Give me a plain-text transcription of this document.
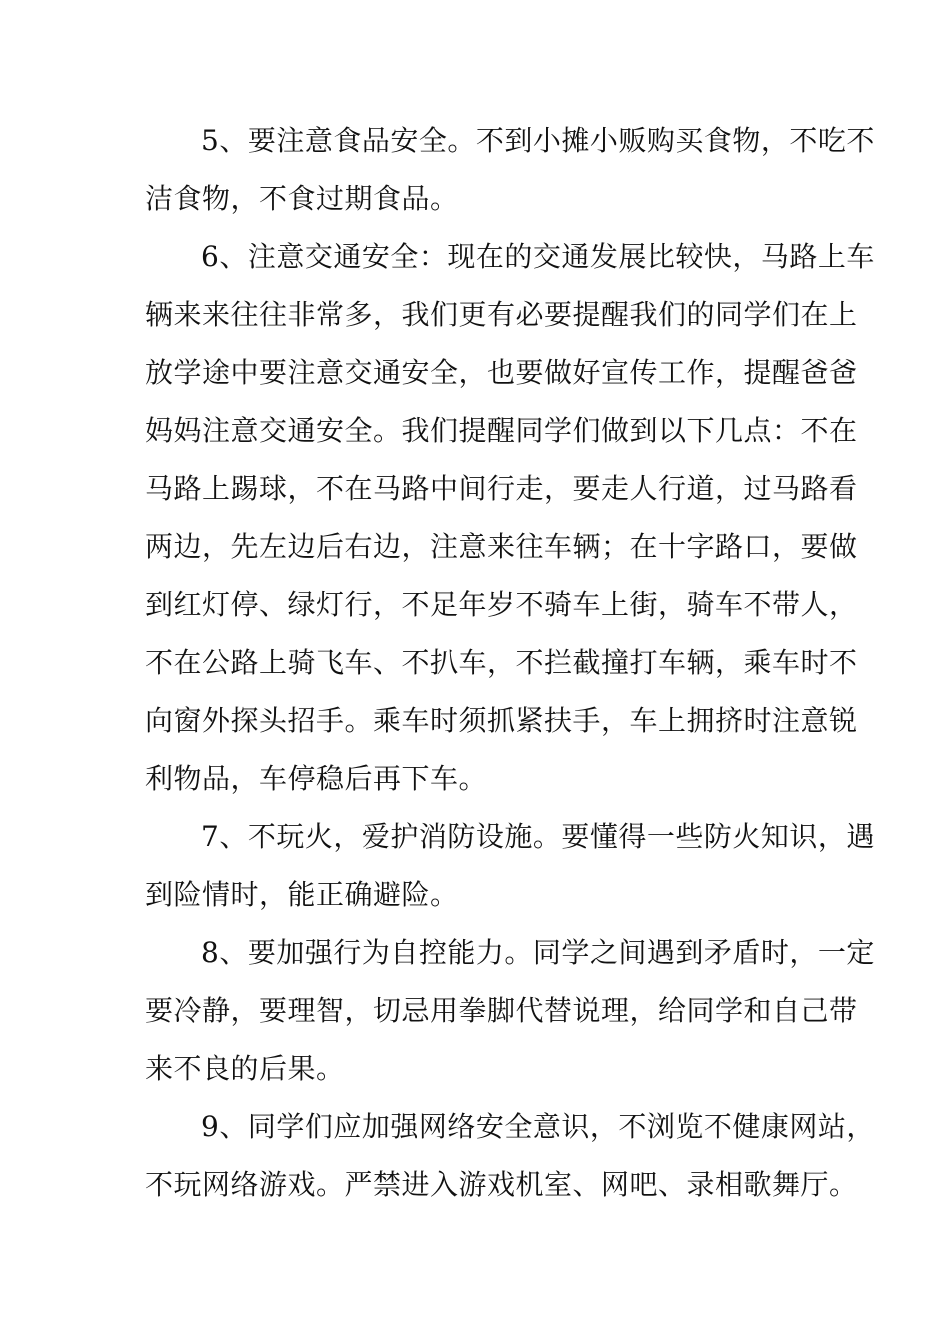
5、要注意食品安全。不到小摊小贩购买食物，不吃不
洁食物，不食过期食品。
6、注意交通安全：现在的交通发展比较快，马路上车
辆来来往往非常多，我们更有必要提醒我们的同学们在上
放学途中要注意交通安全，也要做好宣传工作，提醒爸爸
妈妈注意交通安全。我们提醒同学们做到以下几点：不在
马路上踢球，不在马路中间行走，要走人行道，过马路看
两边，先左边后右边，注意来往车辆；在十字路口，要做
到红灯停、绿灯行，不足年岁不骑车上街，骑车不带人，
不在公路上骑飞车、不扒车，不拦截撞打车辆，乘车时不
向窗外探头招手。乘车时须抓紧扶手，车上拥挤时注意锐
利物品，车停稳后再下车。
7、不玩火，爱护消防设施。要懂得一些防火知识，遇
到险情时，能正确避险。
8、要加强行为自控能力。同学之间遇到矛盾时，一定
要冷静，要理智，切忌用拳脚代替说理，给同学和自己带
来不良的后果。
9、同学们应加强网络安全意识，不浏览不健康网站，
不玩网络游戏。严禁进入游戏机室、网吧、录相歌舞厅。
